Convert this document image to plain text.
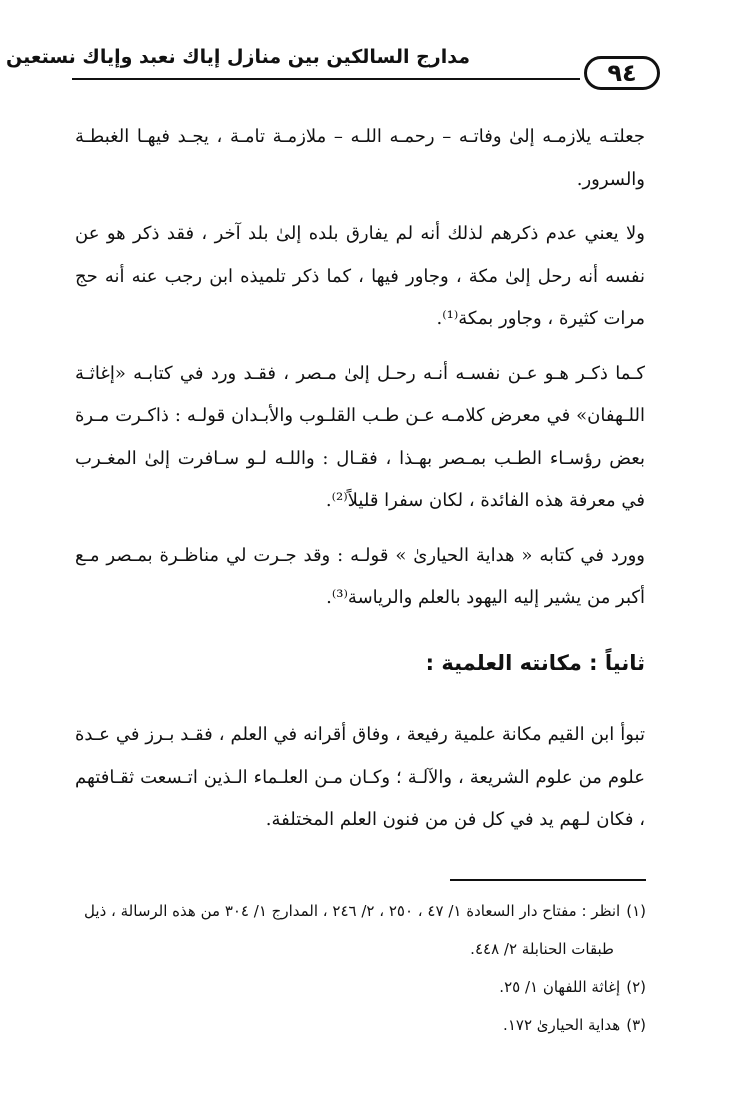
مدارج السالكين بين منازل إياك نعبد وإياك نستعين
٩٤

جعلتـه يلازمـه إلىٰ وفاتـه – رحمـه اللـه – ملازمـة تامـة ، يجـد فيهـا الغبطـة والسرور.

ولا يعني عدم ذكرهم لذلك أنه لم يفارق بلده إلىٰ بلد آخر ، فقد ذكر هو عن نفسه أنه رحل إلىٰ مكة ، وجاور فيها ، كما ذكر تلميذه ابن رجب عنه أنه حج مرات كثيرة ، وجاور بمكة⁽¹⁾.

كـما ذكـر هـو عـن نفسـه أنـه رحـل إلىٰ مـصر ، فقـد ورد في كتابـه «إغاثـة اللـهفان» في معرض كلامـه عـن طـب القلـوب والأبـدان قولـه : ذاكـرت مـرة بعض رؤسـاء الطـب بمـصر بهـذا ، فقـال : واللـه لـو سـافرت إلىٰ المغـرب في معرفة هذه الفائدة ، لكان سفرا قليلاً⁽²⁾.

وورد في كتابه « هداية الحيارىٰ » قولـه : وقد جـرت لي مناظـرة بمـصر مـع أكبر من يشير إليه اليهود بالعلم والرياسة⁽³⁾.

ثانياً : مكانته العلمية :

تبوأ ابن القيم مكانة علمية رفيعة ، وفاق أقرانه في العلم ، فقـد بـرز في عـدة علوم من علوم الشريعة ، والآلـة ؛ وكـان مـن العلـماء الـذين اتـسعت ثقـافتهم ، فكان لـهم يد في كل فن من فنون العلم المختلفة.

(١)انظر : مفتاح دار السعادة ١/ ٤٧ ، ٢٥٠ ، ٢/ ٢٤٦ ، المدارج ١/ ٣٠٤ من هذه الرسالة ، ذيل

طبقات الحنابلة ٢/ ٤٤٨.

(٢)إغاثة اللفهان ١/ ٢٥.

(٣)هداية الحيارىٰ ١٧٢.
